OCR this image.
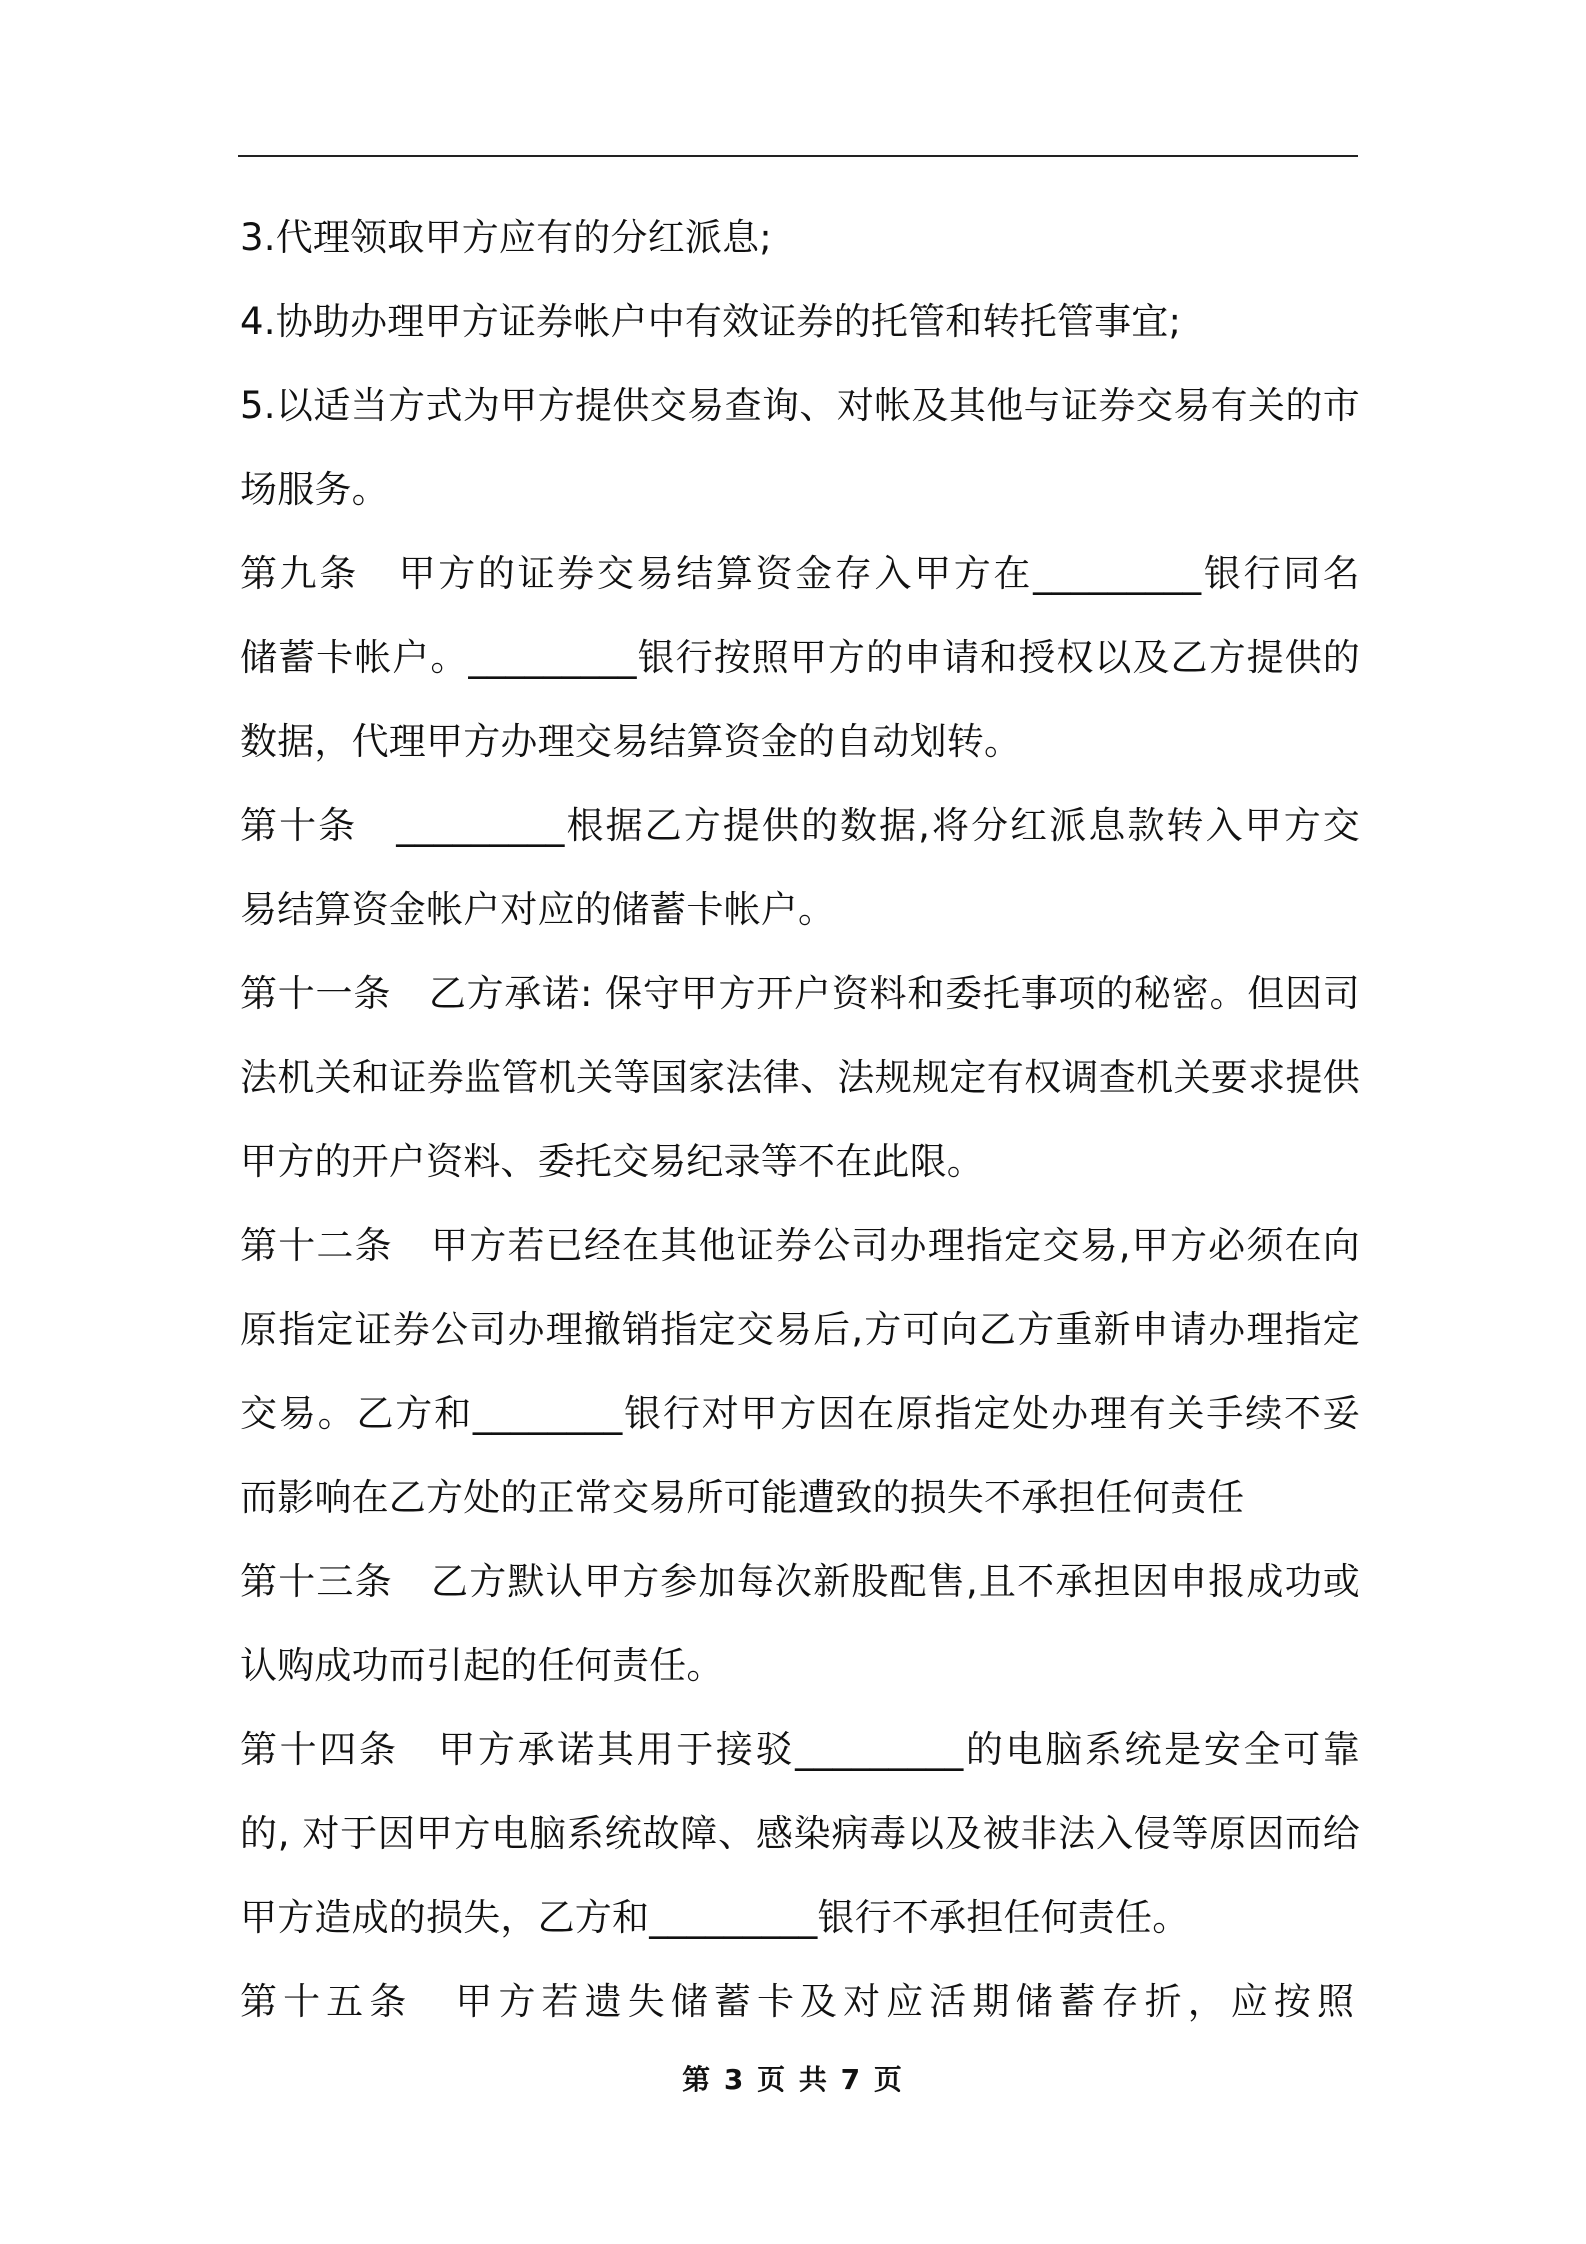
3.代理领取甲方应有的分红派息;
4.协助办理甲方证券帐户中有效证券的托管和转托管事宜;
5.以适当方式为甲方提供交易查询、对帐及其他与证券交易有关的市
场服务。
第九条　甲方的证券交易结算资金存入甲方在_________银行同名
储蓄卡帐户。_________银行按照甲方的申请和授权以及乙方提供的
数据，代理甲方办理交易结算资金的自动划转。
第十条　_________根据乙方提供的数据,将分红派息款转入甲方交
易结算资金帐户对应的储蓄卡帐户。
第十一条　乙方承诺: 保守甲方开户资料和委托事项的秘密。但因司
法机关和证券监管机关等国家法律、法规规定有权调查机关要求提供
甲方的开户资料、委托交易纪录等不在此限。
第十二条　甲方若已经在其他证券公司办理指定交易,甲方必须在向
原指定证券公司办理撤销指定交易后,方可向乙方重新申请办理指定
交易。乙方和________银行对甲方因在原指定处办理有关手续不妥
而影响在乙方处的正常交易所可能遭致的损失不承担任何责任
第十三条　乙方默认甲方参加每次新股配售,且不承担因申报成功或
认购成功而引起的任何责任。
第十四条　甲方承诺其用于接驳_________的电脑系统是安全可靠
的, 对于因甲方电脑系统故障、感染病毒以及被非法入侵等原因而给
甲方造成的损失，乙方和_________银行不承担任何责任。
第十五条　甲方若遗失储蓄卡及对应活期储蓄存折，应按照
第 3 页 共 7 页
